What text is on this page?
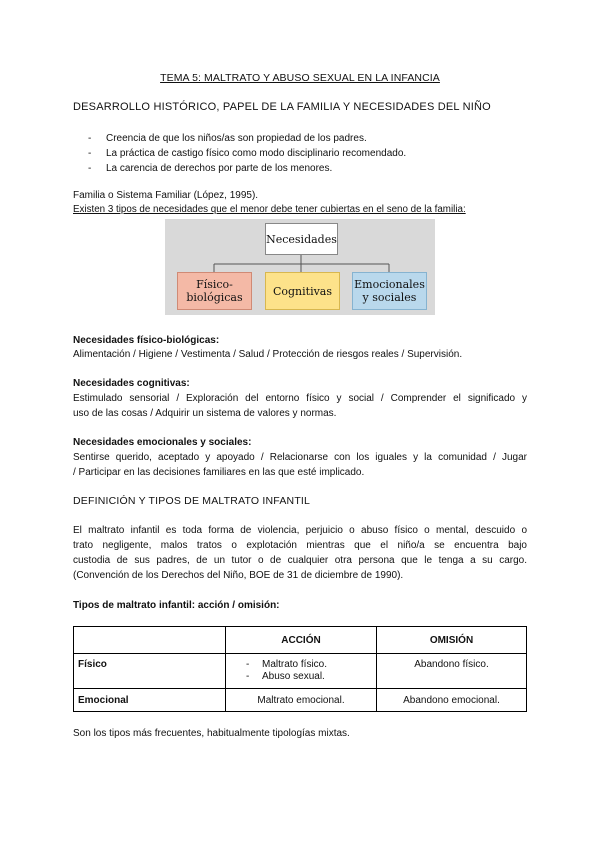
TEMA 5: MALTRATO Y ABUSO SEXUAL EN LA INFANCIA
DESARROLLO HISTÓRICO, PAPEL DE LA FAMILIA Y NECESIDADES DEL NIÑO
- Creencia de que los niños/as son propiedad de los padres.
- La práctica de castigo físico como modo disciplinario recomendado.
- La carencia de derechos por parte de los menores.
Familia o Sistema Familiar (López, 1995).
Existen 3 tipos de necesidades que el menor debe tener cubiertas en el seno de la familia:
Necesidades
Físico-
biológicas	Cognitivas Emocionales
y sociales
Necesidades físico-biológicas:
Alimentación / Higiene / Vestimenta / Salud / Protección de riesgos reales / Supervisión.
Necesidades cognitivas:
Estimulado sensorial / Exploración del entorno físico y social / Comprender el significado y
uso de las cosas / Adquirir un sistema de valores y normas.
Necesidades emocionales y sociales:
Sentirse querido, aceptado y apoyado / Relacionarse con los iguales y la comunidad / Jugar
/ Participar en las decisiones familiares en las que esté implicado.
DEFINICIÓN Y TIPOS DE MALTRATO INFANTIL
El maltrato infantil es toda forma de violencia, perjuicio o abuso físico o mental, descuido o
trato negligente, malos tratos o explotación mientras que el niño/a se encuentra bajo
custodia de sus padres, de un tutor o de cualquier otra persona que le tenga a su cargo.
(Convención de los Derechos del Niño, BOE de 31 de diciembre de 1990).
Tipos de maltrato infantil: acción / omisión:
	ACCIÓN	OMISIÓN
Físico	- Maltrato físico.
- Abuso sexual.	Abandono físico.
Emocional	Maltrato emocional.	Abandono emocional.
Son los tipos más frecuentes, habitualmente tipologías mixtas.
